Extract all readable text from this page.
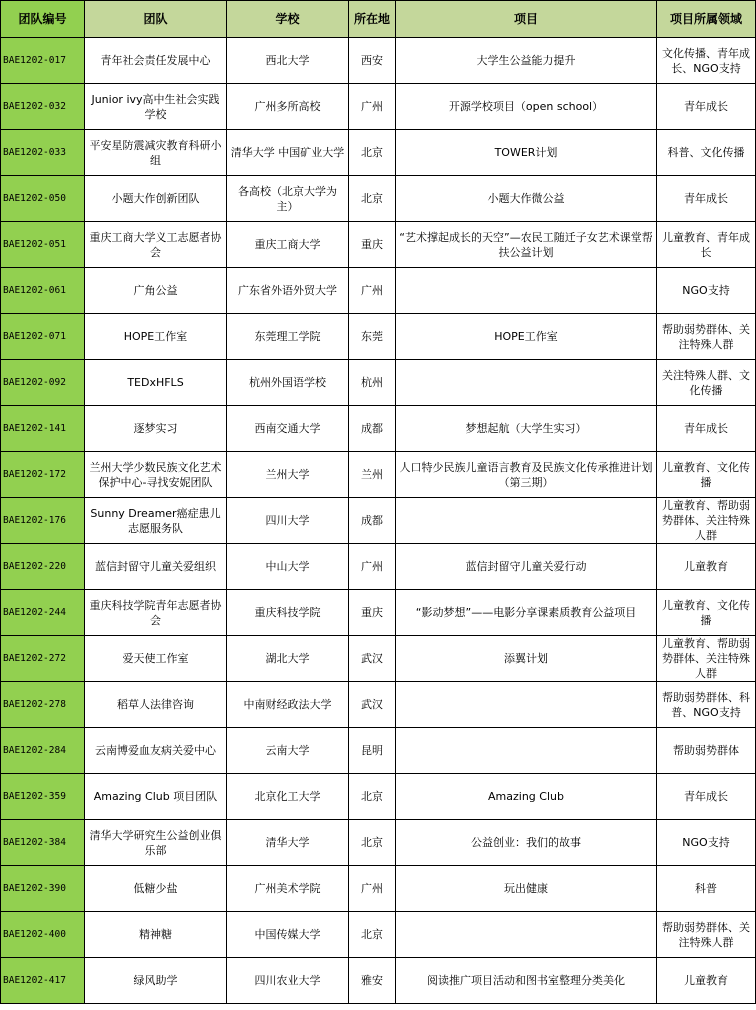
团队编号	团队	学校	所在地	项目	项目所属领域
BAE1202-017	青年社会责任发展中心	西北大学	西安	大学生公益能力提升	文化传播、青年成长、NGO支持
BAE1202-032	Junior ivy高中生社会实践学校	广州多所高校	广州	开源学校项目（open school）	青年成长
BAE1202-033	平安星防震减灾教育科研小组	清华大学 中国矿业大学	北京	TOWER计划	科普、文化传播
BAE1202-050	小题大作创新团队	各高校（北京大学为主）	北京	小题大作微公益	青年成长
BAE1202-051	重庆工商大学义工志愿者协会	重庆工商大学	重庆	“艺术撑起成长的天空”—农民工随迁子女艺术课堂帮扶公益计划	儿童教育、青年成长
BAE1202-061	广角公益	广东省外语外贸大学	广州		NGO支持
BAE1202-071	HOPE工作室	东莞理工学院	东莞	HOPE工作室	帮助弱势群体、关注特殊人群
BAE1202-092	TEDxHFLS	杭州外国语学校	杭州		关注特殊人群、文化传播
BAE1202-141	逐梦实习	西南交通大学	成都	梦想起航（大学生实习）	青年成长
BAE1202-172	兰州大学少数民族文化艺术保护中心-寻找安妮团队	兰州大学	兰州	人口特少民族儿童语言教育及民族文化传承推进计划（第三期）	儿童教育、文化传播
BAE1202-176	Sunny Dreamer癌症患儿志愿服务队	四川大学	成都		儿童教育、帮助弱势群体、关注特殊人群
BAE1202-220	蓝信封留守儿童关爱组织	中山大学	广州	蓝信封留守儿童关爱行动	儿童教育
BAE1202-244	重庆科技学院青年志愿者协会	重庆科技学院	重庆	“影动梦想”——电影分享课素质教育公益项目	儿童教育、文化传播
BAE1202-272	爱天使工作室	湖北大学	武汉	添翼计划	儿童教育、帮助弱势群体、关注特殊人群
BAE1202-278	稻草人法律咨询	中南财经政法大学	武汉		帮助弱势群体、科普、NGO支持
BAE1202-284	云南博爱血友病关爱中心	云南大学	昆明		帮助弱势群体
BAE1202-359	Amazing Club 项目团队	北京化工大学	北京	Amazing Club	青年成长
BAE1202-384	清华大学研究生公益创业俱乐部	清华大学	北京	公益创业：我们的故事	NGO支持
BAE1202-390	低糖少盐	广州美术学院	广州	玩出健康	科普
BAE1202-400	精神糖	中国传媒大学	北京		帮助弱势群体、关注特殊人群
BAE1202-417	绿风助学	四川农业大学	雅安	阅读推广项目活动和图书室整理分类美化	儿童教育
